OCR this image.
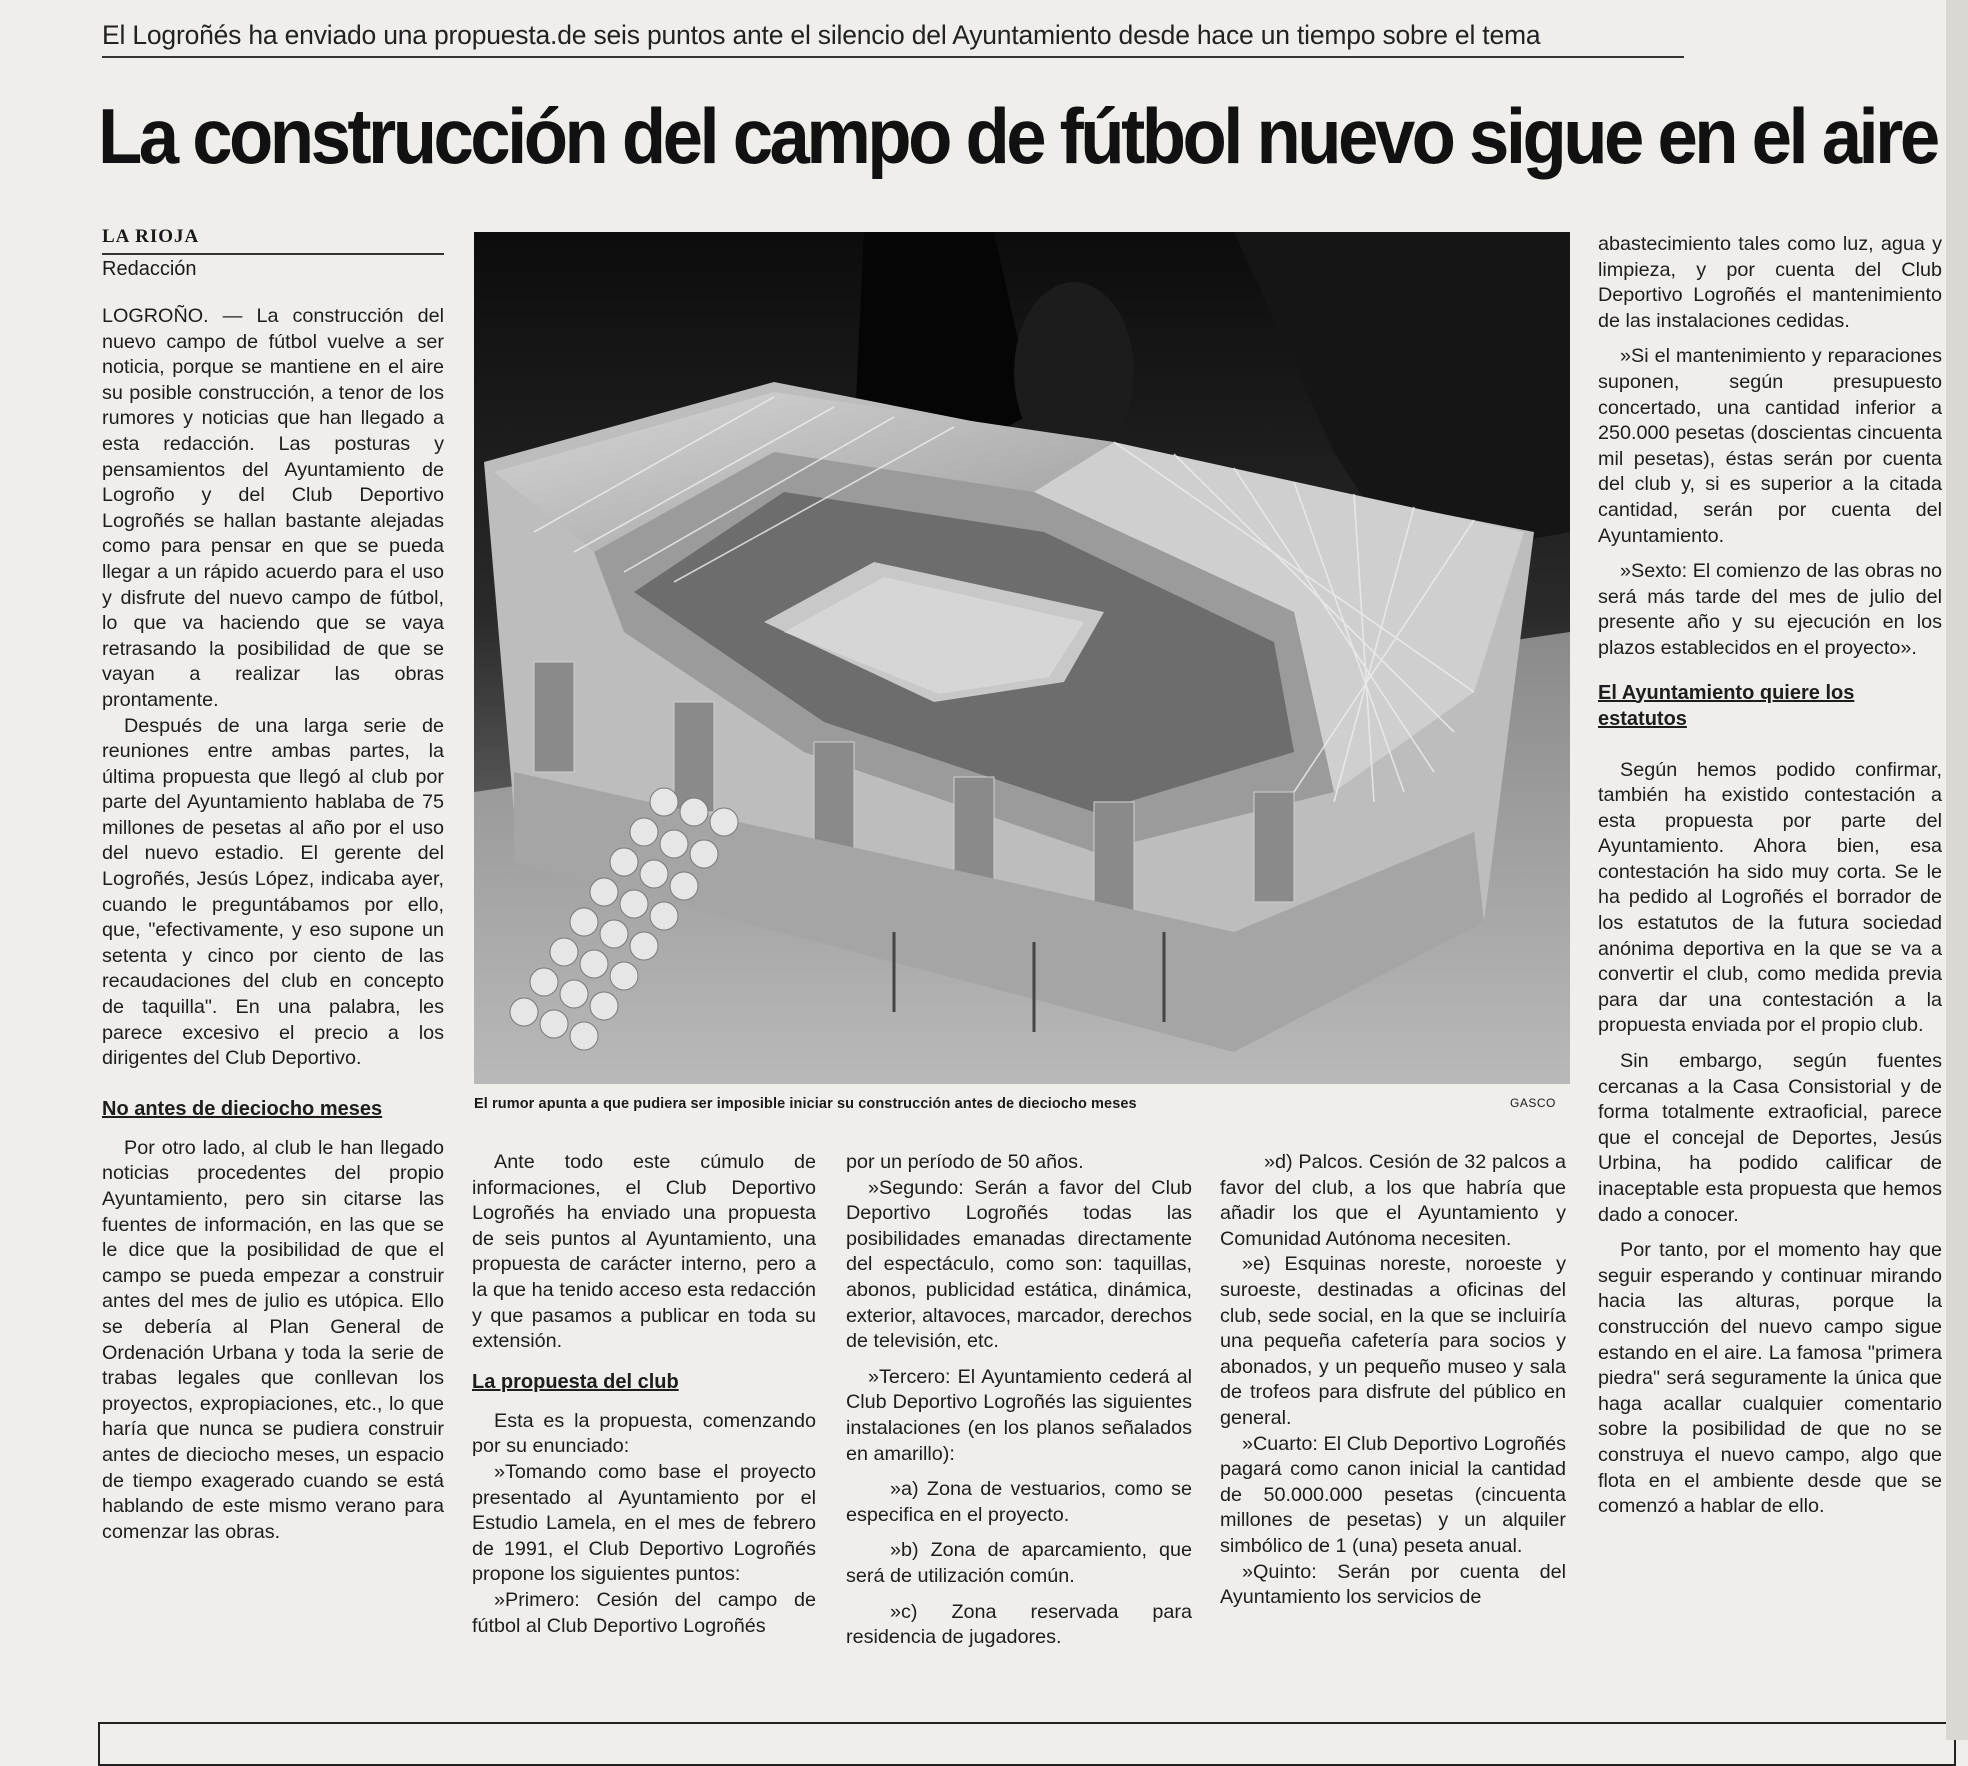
El Logroñés ha enviado una propuesta.de seis puntos ante el silencio del Ayuntamiento desde hace un tiempo sobre el tema
La construcción del campo de fútbol nuevo sigue en el aire
LA RIOJA
Redacción

LOGROÑO. — La construcción del nuevo campo de fútbol vuelve a ser noticia, porque se mantiene en el aire su posible construcción, a tenor de los rumores y noticias que han llegado a esta redacción. Las posturas y pensamientos del Ayuntamiento de Logroño y del Club Deportivo Logroñés se hallan bastante alejadas como para pensar en que se pueda llegar a un rápido acuerdo para el uso y disfrute del nuevo campo de fútbol, lo que va haciendo que se vaya retrasando la posibilidad de que se vayan a realizar las obras prontamente.

Después de una larga serie de reuniones entre ambas partes, la última propuesta que llegó al club por parte del Ayuntamiento hablaba de 75 millones de pesetas al año por el uso del nuevo estadio. El gerente del Logroñés, Jesús López, indicaba ayer, cuando le preguntábamos por ello, que, "efectivamente, y eso supone un setenta y cinco por ciento de las recaudaciones del club en concepto de taquilla". En una palabra, les parece excesivo el precio a los dirigentes del Club Deportivo.

No antes de dieciocho meses

Por otro lado, al club le han llegado noticias procedentes del propio Ayuntamiento, pero sin citarse las fuentes de información, en las que se le dice que la posibilidad de que el campo se pueda empezar a construir antes del mes de julio es utópica. Ello se debería al Plan General de Ordenación Urbana y toda la serie de trabas legales que conllevan los proyectos, expropiaciones, etc., lo que haría que nunca se pudiera construir antes de dieciocho meses, un espacio de tiempo exagerado cuando se está hablando de este mismo verano para comenzar las obras.

El rumor apunta a que pudiera ser imposible iniciar su construcción antes de dieciocho meses	GASCO

Ante todo este cúmulo de informaciones, el Club Deportivo Logroñés ha enviado una propuesta de seis puntos al Ayuntamiento, una propuesta de carácter interno, pero a la que ha tenido acceso esta redacción y que pasamos a publicar en toda su extensión.

La propuesta del club

Esta es la propuesta, comenzando por su enunciado:

»Tomando como base el proyecto presentado al Ayuntamiento por el Estudio Lamela, en el mes de febrero de 1991, el Club Deportivo Logroñés propone los siguientes puntos:

»Primero: Cesión del campo de fútbol al Club Deportivo Logroñés

por un período de 50 años.

»Segundo: Serán a favor del Club Deportivo Logroñés todas las posibilidades emanadas directamente del espectáculo, como son: taquillas, abonos, publicidad estática, dinámica, exterior, altavoces, marcador, derechos de televisión, etc.

»Tercero: El Ayuntamiento cederá al Club Deportivo Logroñés las siguientes instalaciones (en los planos señalados en amarillo):

»a) Zona de vestuarios, como se especifica en el proyecto.

»b) Zona de aparcamiento, que será de utilización común.

»c) Zona reservada para residencia de jugadores.

»d) Palcos. Cesión de 32 palcos a favor del club, a los que habría que añadir los que el Ayuntamiento y Comunidad Autónoma necesiten.

»e) Esquinas noreste, noroeste y suroeste, destinadas a oficinas del club, sede social, en la que se incluiría una pequeña cafetería para socios y abonados, y un pequeño museo y sala de trofeos para disfrute del público en general.

»Cuarto: El Club Deportivo Logroñés pagará como canon inicial la cantidad de 50.000.000 pesetas (cincuenta millones de pesetas) y un alquiler simbólico de 1 (una) peseta anual.

»Quinto: Serán por cuenta del Ayuntamiento los servicios de

abastecimiento tales como luz, agua y limpieza, y por cuenta del Club Deportivo Logroñés el mantenimiento de las instalaciones cedidas.

»Si el mantenimiento y reparaciones suponen, según presupuesto concertado, una cantidad inferior a 250.000 pesetas (doscientas cincuenta mil pesetas), éstas serán por cuenta del club y, si es superior a la citada cantidad, serán por cuenta del Ayuntamiento.

»Sexto: El comienzo de las obras no será más tarde del mes de julio del presente año y su ejecución en los plazos establecidos en el proyecto».

El Ayuntamiento quiere los estatutos

Según hemos podido confirmar, también ha existido contestación a esta propuesta por parte del Ayuntamiento. Ahora bien, esa contestación ha sido muy corta. Se le ha pedido al Logroñés el borrador de los estatutos de la futura sociedad anónima deportiva en la que se va a convertir el club, como medida previa para dar una contestación a la propuesta enviada por el propio club.

Sin embargo, según fuentes cercanas a la Casa Consistorial y de forma totalmente extraoficial, parece que el concejal de Deportes, Jesús Urbina, ha podido calificar de inaceptable esta propuesta que hemos dado a conocer.

Por tanto, por el momento hay que seguir esperando y continuar mirando hacia las alturas, porque la construcción del nuevo campo sigue estando en el aire. La famosa "primera piedra" será seguramente la única que haga acallar cualquier comentario sobre la posibilidad de que no se construya el nuevo campo, algo que flota en el ambiente desde que se comenzó a hablar de ello.
